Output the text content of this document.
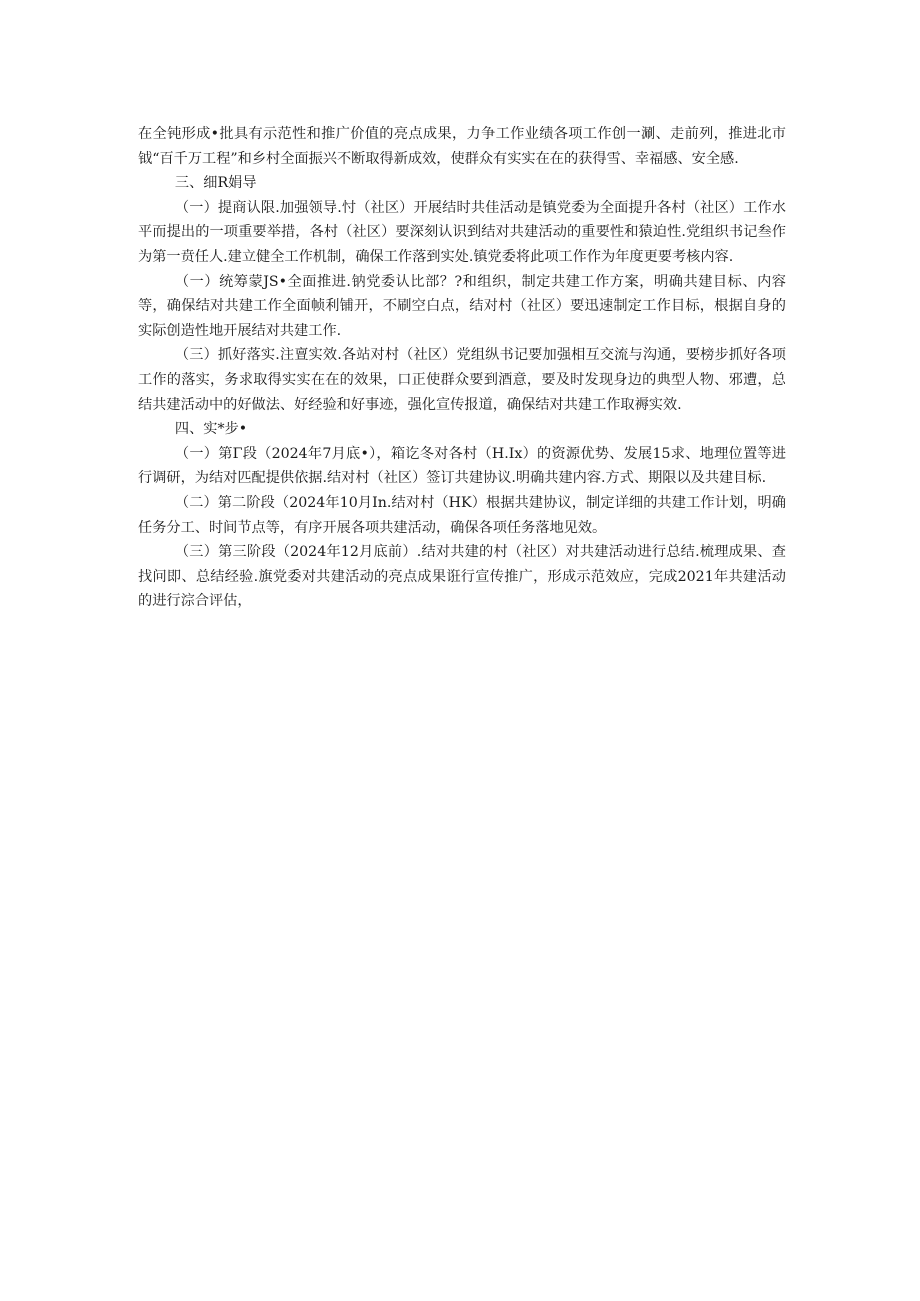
在全钝形成•批具有示范性和推广价值的亮点成果，力争工作业绩各项工作创一涮、走前列，推进北市钺“百千万工程”和乡村全面振兴不断取得新成效，使群众有实实在在的获得雪、幸福感、安全感.

三、细R娟导

（一）提商认限.加强领导.忖（社区）开展结时共佳活动是镇党委为全面提升各村（社区）工作水平而提出的一项重要举措，各村（社区）要深刻认识到结对共建活动的重要性和猿迫性.党组织书记叁作为第一贲任人.建立健全工作机制，确保工作落到实处.镇党委将此项工作作为年度更要考核内容.

（一）统筹蒙JS•全面推进.钠党委认比部？?和组织，制定共建工作方案，明确共建目标、内容等，确保结对共建工作全面帧利铺开，不刷空白点，结对村（社区）要迅速制定工作目标，根据自身的实际创造性地开展结对共建工作.

（三）抓好落实.注亶实效.各站对村（社区）党组纵书记要加强相互交流与沟通，要榜步抓好各项工作的落实，务求取得实实在在的效果，口正使群众要到酒意，要及时发现身边的典型人物、邪遭，总结共建活动中的好做法、好经验和好事迹，强化宣传报道，确保结对共建工作取褥实效.

四、实*步•

（一）第Γ段（2024年7月底•），箱讫冬对各村（H.Ix）的资源优势、发展15求、地理位置等进行调研，为结对匹配提供依据.结对村（社区）签订共建协议.明确共建内容.方式、期限以及共建目标.

（二）第二阶段（2024年10月In.结对村（HK）根据共建协议，制定详细的共建工作计划，明确任务分工、时间节点等，有序开展各项共建活动，确保各项任务落地见效。

（三）第三阶段（2024年12月底前）.结对共建的村（社区）对共建活动进行总结.梳理成果、查找问即、总结经验.旗党委对共建活动的亮点成果诳行宣传推广，形成示范效应，完成2021年共建活动的进行淙合评估，
